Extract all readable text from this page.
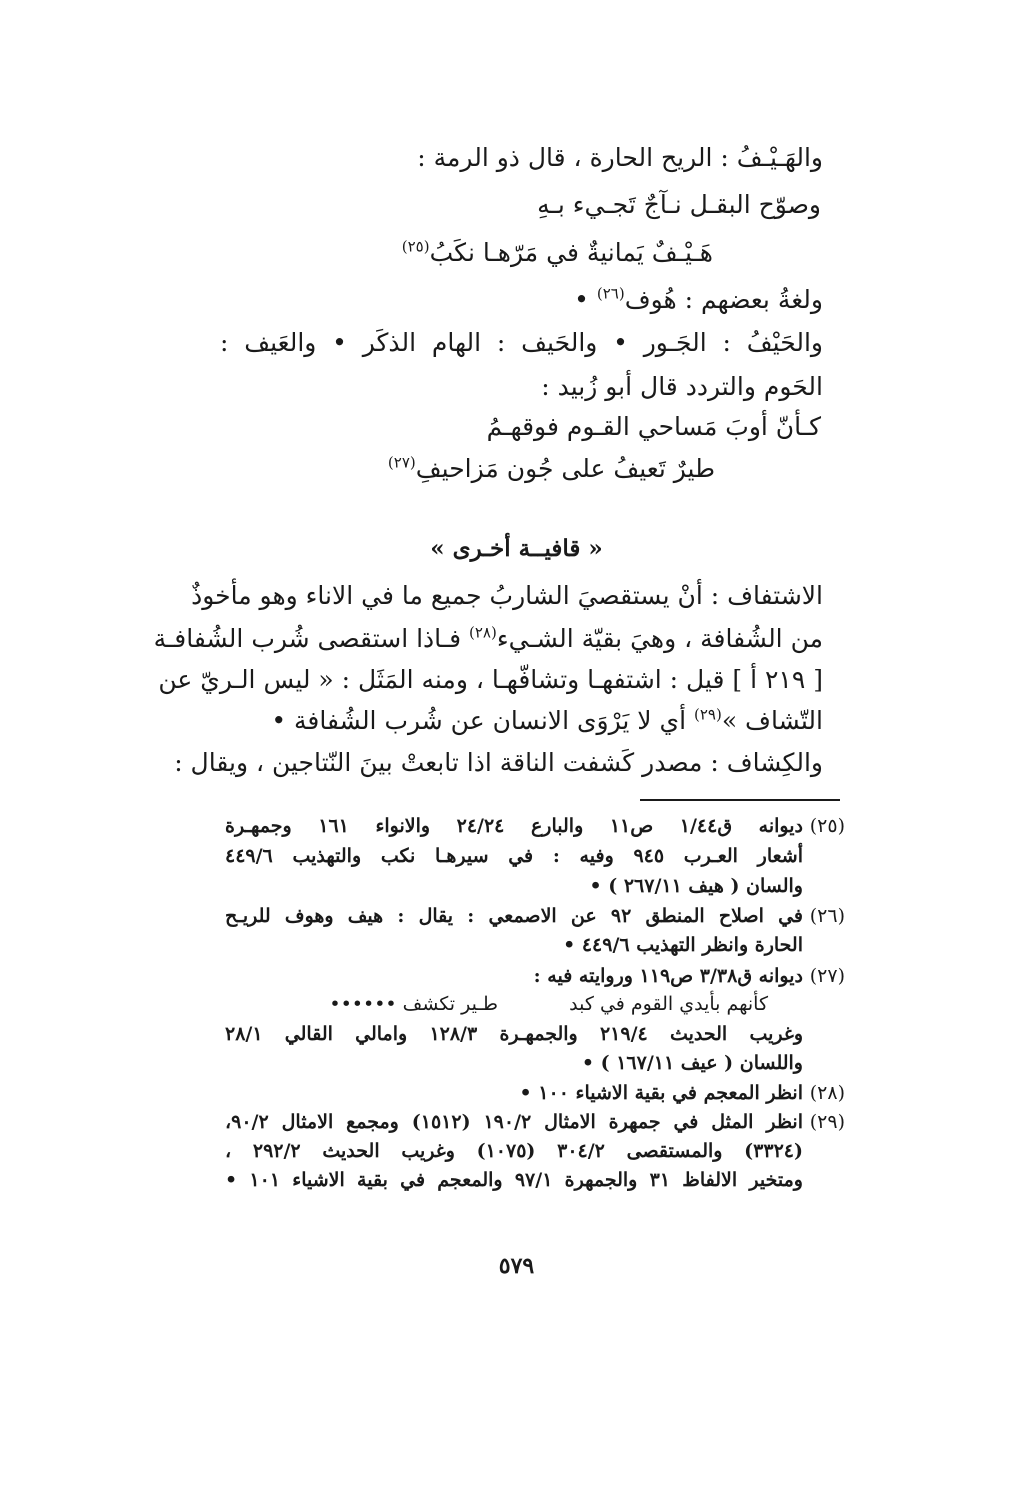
والهَـيْـفُ : الريح الحارة ، قال ذو الرمة :
وصوّح البقـل نـآجٌ تَجـيء بـهِ
هَـيْـفٌ يَمانيةٌ في مَرّهـا نكَبُ$^{(٢٥)}$
ولغةُ بعضهم : هُوف$^{(٢٦)}$ •
والحَيْفُ : الجَـور • والحَيف : الهام الذكَر • والعَيف :
الحَوم والتردد قال أبو زُبيد :
كـأنّ أوبَ مَساحي القـوم فوقهـمُ
طيرٌ تَعيفُ على جُون مَزاحيفِ$^{(٢٧)}$
« قافيــة أخـرى »
الاشتفاف : أنْ يستقصيَ الشاربُ جميع ما في الاناء وهو مأخوذٌ
من الشُفافة ، وهيَ بقيّة الشـيء$^{(٢٨)}$ فـاذا استقصى شُرب الشُفافـة
[ ٢١٩ أ ] قيل : اشتفهـا وتشافّهـا ، ومنه المَثَل : « ليس الـريّ عن
التّشاف »$^{(٢٩)}$ أي لا يَرْوَى الانسان عن شُرب الشُفافة •
والكِشاف : مصدر كَشفت الناقة اذا تابعتْ بينَ النّتاجين ، ويقال :
(٢٥)
ديوانه ق١/٤٤ ص١١ والبارع ٢٤/٢٤ والانواء ١٦١ وجمهـرة
أشعار العـرب ٩٤٥ وفيه : في سيرهـا نكب والتهذيب ٤٤٩/٦
والسان ( هيف ٢٦٧/١١ ) •
(٢٦)
في اصلاح المنطق ٩٢ عن الاصمعي : يقال : هيف وهوف للريـح
الحارة وانظر التهذيب ٤٤٩/٦ •
(٢٧)
ديوانه ق٣/٣٨ ص١١٩ وروايته فيه :
كأنهم بأيدي القوم في كبد
طـير تكشف ••••••
وغريب الحديث ٢١٩/٤ والجمهـرة ١٢٨/٣ وامالي القالي ٢٨/١
واللسان ( عيف ١٦٧/١١ ) •
(٢٨)
انظر المعجم في بقية الاشياء ١٠٠ •
(٢٩)
انظر المثل في جمهرة الامثال ١٩٠/٢ (١٥١٢) ومجمع الامثال ٩٠/٢،
(٣٣٢٤) والمستقصى ٣٠٤/٢ (١٠٧٥) وغريب الحديث ٢٩٢/٢ ،
ومتخير الالفاظ ٣١ والجمهرة ٩٧/١ والمعجم في بقية الاشياء ١٠١ •
٥٧٩
